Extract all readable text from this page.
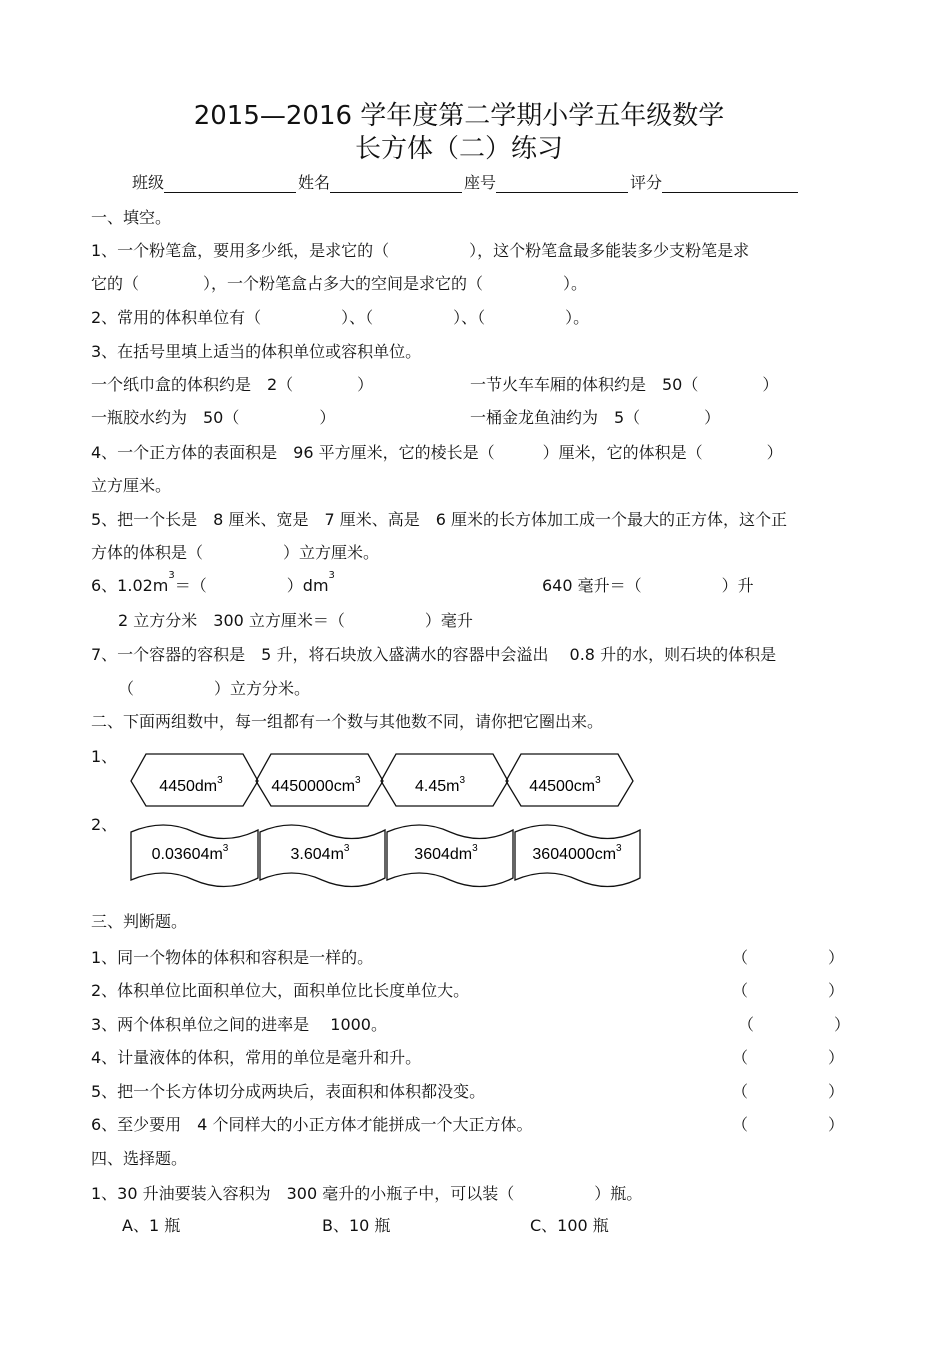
2015—2016 学年度第二学期小学五年级数学
长方体（二）练习
班级	姓名	座号	评分
一、填空。
1、一个粉笔盒，要用多少纸，是求它的（　　　　　），这个粉笔盒最多能装多少支粉笔是求
它的（　　　　），一个粉笔盒占多大的空间是求它的（　　　　　）。
2、常用的体积单位有（　　　　　）、（　　　　　）、（　　　　　）。
3、在括号里填上适当的体积单位或容积单位。
一个纸巾盒的体积约是　2（　　　　）	一节火车车厢的体积约是　50（　　　　）
一瓶胶水约为　50（　　　　　）	一桶金龙鱼油约为　5（　　　　）
4、一个正方体的表面积是　96 平方厘米，它的棱长是（　　　）厘米，它的体积是（　　　　）
立方厘米。
5、把一个长是　8 厘米、宽是　7 厘米、高是　6 厘米的长方体加工成一个最大的正方体，这个正
方体的体积是（　　　　　）立方厘米。
6、$1.02m^3=$（　　　　　）$dm^3$
640 毫升＝（　　　　　）升
2 立方分米　300 立方厘米＝（　　　　　）毫升
7、一个容器的容积是　5 升，将石块放入盛满水的容器中会溢出　 0.8 升的水，则石块的体积是
（　　　　　）立方分米。
二、下面两组数中，每一组都有一个数与其他数不同，请你把它圈出来。
1、
2、
$4450dm^3$	$4450000cm^3$	$4.45m^3$	$44500cm^3$
$0.03604m^3$	$3.604m^3$	$3604dm^3$	$3604000cm^3$
三、判断题。
1、同一个物体的体积和容积是一样的。	（　　　　　）
2、体积单位比面积单位大，面积单位比长度单位大。	（　　　　　）
3、两个体积单位之间的进率是　 1000。	（　　　　　）
4、计量液体的体积，常用的单位是毫升和升。	（　　　　　）
5、把一个长方体切分成两块后，表面积和体积都没变。	（　　　　　）
6、至少要用　4 个同样大的小正方体才能拼成一个大正方体。	（　　　　　）
四、选择题。
1、30 升油要装入容积为　300 毫升的小瓶子中，可以装（　　　　　）瓶。
A、1 瓶	B、10 瓶	C、100 瓶
